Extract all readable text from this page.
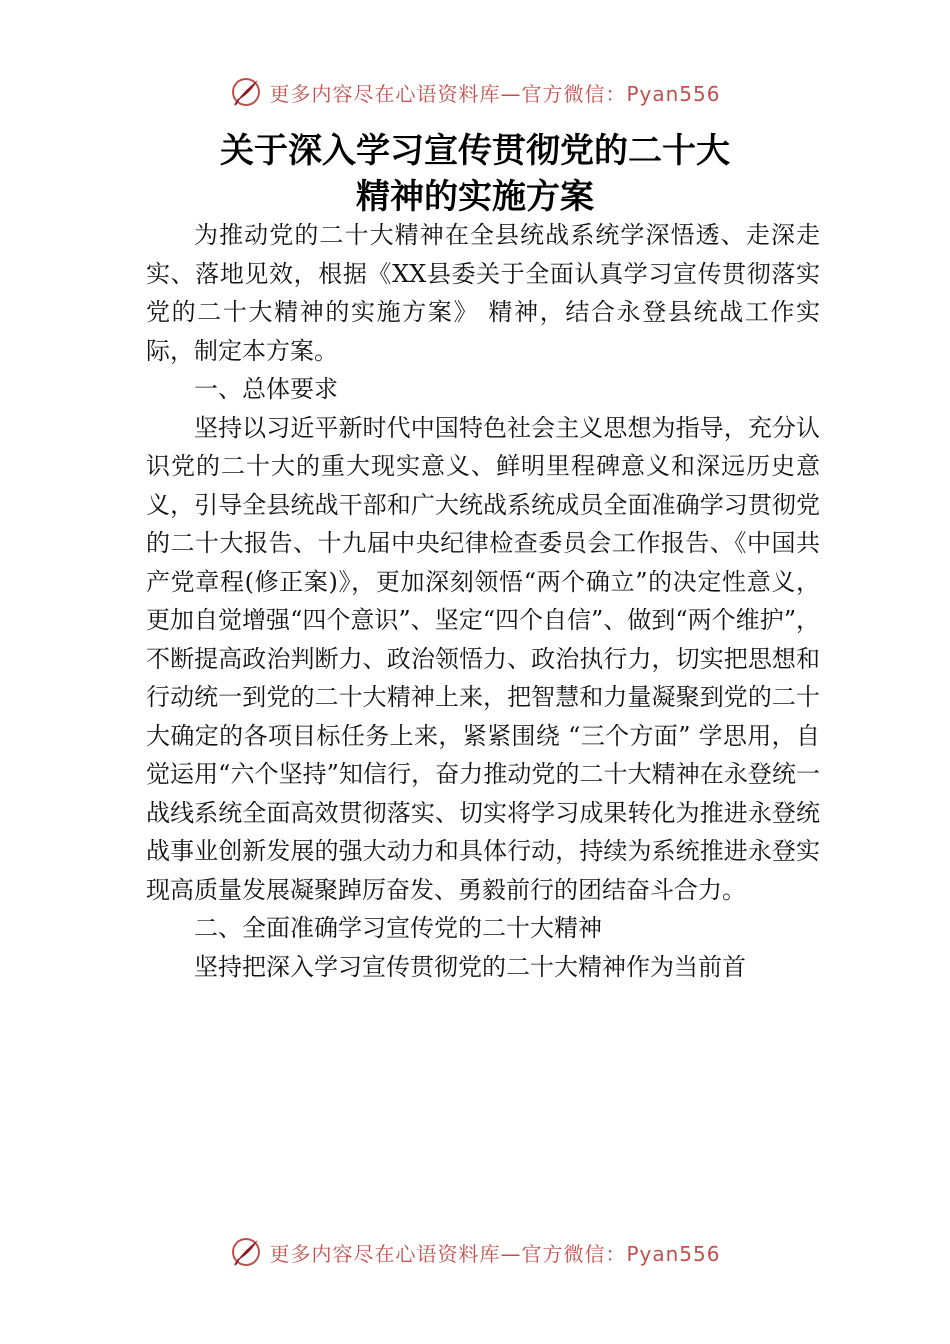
更多内容尽在心语资料库—官方微信：Pyan556
关于深入学习宣传贯彻党的二十大
精神的实施方案

为推动党的二十大精神在全县统战系统学深悟透、走深走实、落地见效，根据《XX县委关于全面认真学习宣传贯彻落实党的二十大精神的实施方案》 精神，结合永登县统战工作实际，制定本方案。

一、总体要求

坚持以习近平新时代中国特色社会主义思想为指导，充分认识党的二十大的重大现实意义、鲜明里程碑意义和深远历史意义，引导全县统战干部和广大统战系统成员全面准确学习贯彻党的二十大报告、十九届中央纪律检查委员会工作报告、《中国共产党章程(修正案)》，更加深刻领悟“两个确立”的决定性意义，更加自觉增强“四个意识”、坚定“四个自信”、做到“两个维护”，不断提高政治判断力、政治领悟力、政治执行力，切实把思想和行动统一到党的二十大精神上来，把智慧和力量凝聚到党的二十大确定的各项目标任务上来，紧紧围绕 “三个方面” 学思用，自觉运用“六个坚持”知信行，奋力推动党的二十大精神在永登统一战线系统全面高效贯彻落实、切实将学习成果转化为推进永登统战事业创新发展的强大动力和具体行动，持续为系统推进永登实现高质量发展凝聚踔厉奋发、勇毅前行的团结奋斗合力。

二、全面准确学习宣传党的二十大精神

坚持把深入学习宣传贯彻党的二十大精神作为当前首

更多内容尽在心语资料库—官方微信：Pyan556
